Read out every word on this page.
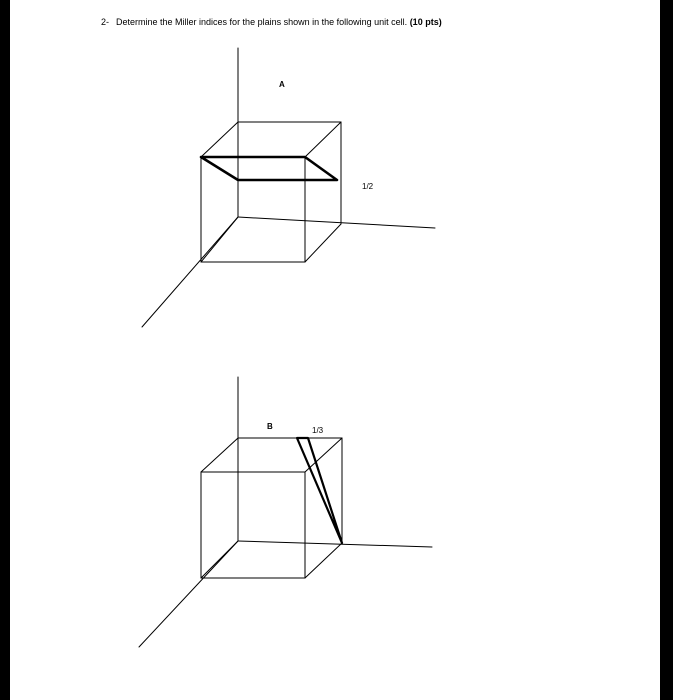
2- Determine the Miller indices for the plains shown in the following unit cell. (10 pts)
A
1/2
B	1/3
